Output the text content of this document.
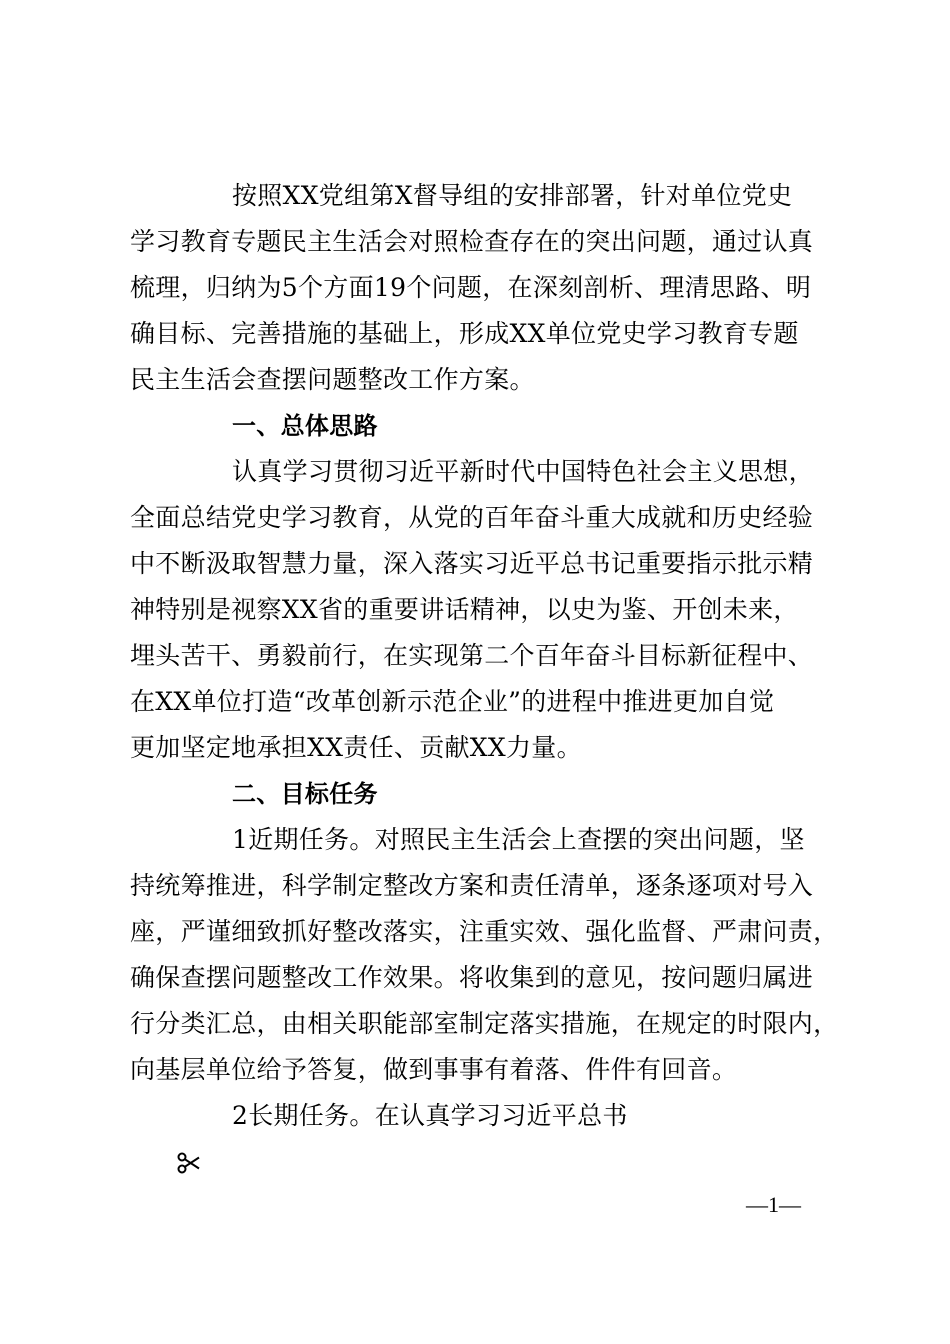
按照XX党组第X督导组的安排部署，针对单位党史
学习教育专题民主生活会对照检查存在的突出问题，通过认真
梳理，归纳为5个方面19个问题，在深刻剖析、理清思路、明
确目标、完善措施的基础上，形成XX单位党史学习教育专题
民主生活会查摆问题整改工作方案。
一、总体思路
认真学习贯彻习近平新时代中国特色社会主义思想，
全面总结党史学习教育，从党的百年奋斗重大成就和历史经验
中不断汲取智慧力量，深入落实习近平总书记重要指示批示精
神特别是视察XX省的重要讲话精神，以史为鉴、开创未来，
埋头苦干、勇毅前行，在实现第二个百年奋斗目标新征程中、
在XX单位打造“改革创新示范企业”的进程中推进更加自觉
更加坚定地承担XX责任、贡献XX力量。
二、目标任务
1近期任务。对照民主生活会上查摆的突出问题，坚
持统筹推进，科学制定整改方案和责任清单，逐条逐项对号入
座，严谨细致抓好整改落实，注重实效、强化监督、严肃问责，
确保查摆问题整改工作效果。将收集到的意见，按问题归属进
行分类汇总，由相关职能部室制定落实措施，在规定的时限内，
向基层单位给予答复，做到事事有着落、件件有回音。
2长期任务。在认真学习习近平总书
—1—
